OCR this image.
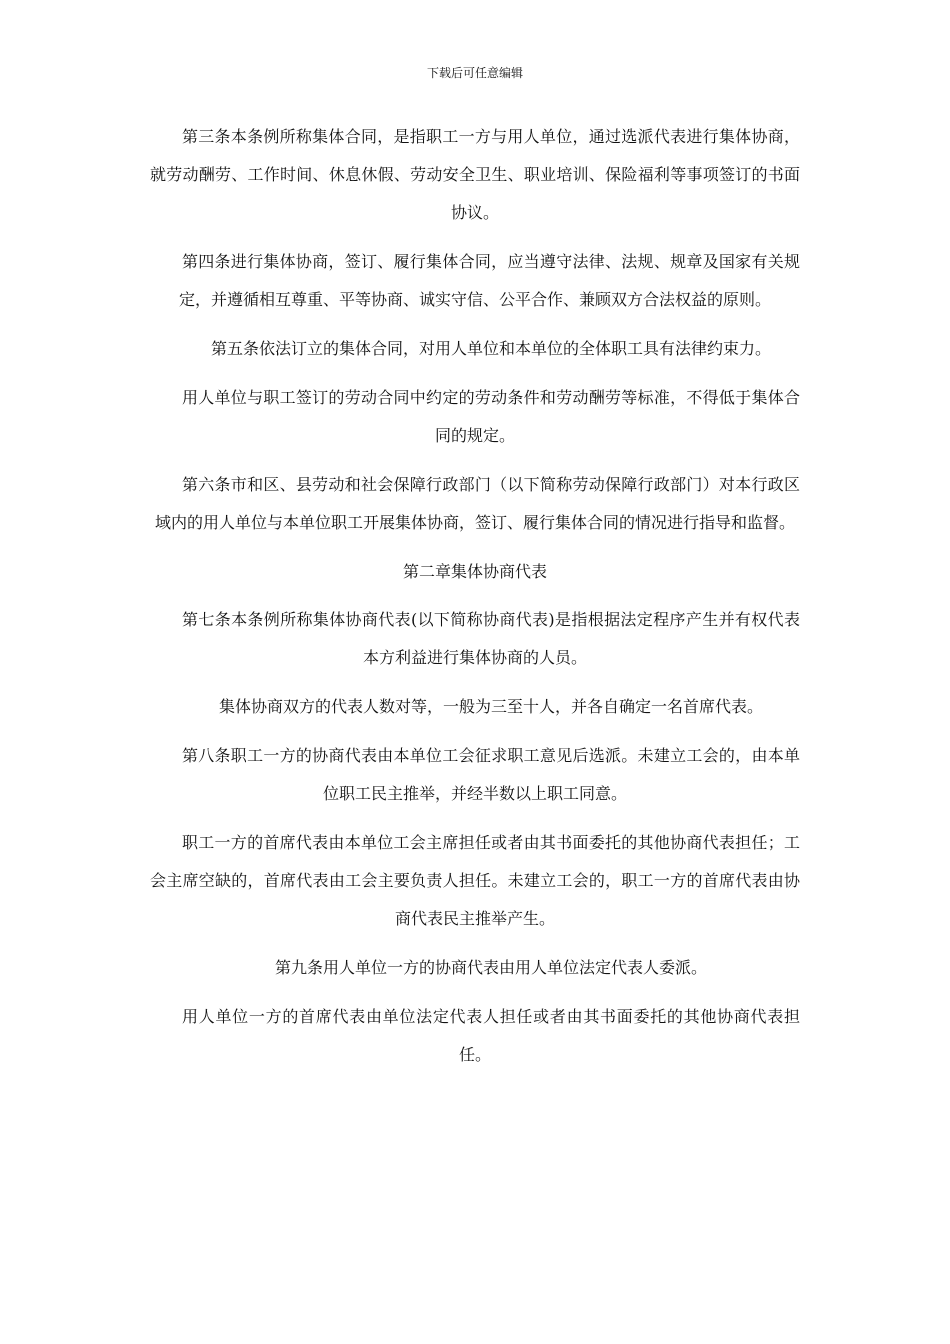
下载后可任意编辑

第三条本条例所称集体合同，是指职工一方与用人单位，通过选派代表进行集体协商，就劳动酬劳、工作时间、休息休假、劳动安全卫生、职业培训、保险福利等事项签订的书面协议。

第四条进行集体协商，签订、履行集体合同，应当遵守法律、法规、规章及国家有关规定，并遵循相互尊重、平等协商、诚实守信、公平合作、兼顾双方合法权益的原则。

第五条依法订立的集体合同，对用人单位和本单位的全体职工具有法律约束力。

用人单位与职工签订的劳动合同中约定的劳动条件和劳动酬劳等标准，不得低于集体合同的规定。

第六条市和区、县劳动和社会保障行政部门（以下简称劳动保障行政部门）对本行政区域内的用人单位与本单位职工开展集体协商，签订、履行集体合同的情况进行指导和监督。

第二章集体协商代表

第七条本条例所称集体协商代表(以下简称协商代表)是指根据法定程序产生并有权代表本方利益进行集体协商的人员。

集体协商双方的代表人数对等，一般为三至十人，并各自确定一名首席代表。

第八条职工一方的协商代表由本单位工会征求职工意见后选派。未建立工会的，由本单位职工民主推举，并经半数以上职工同意。

职工一方的首席代表由本单位工会主席担任或者由其书面委托的其他协商代表担任；工会主席空缺的，首席代表由工会主要负责人担任。未建立工会的，职工一方的首席代表由协商代表民主推举产生。

第九条用人单位一方的协商代表由用人单位法定代表人委派。

用人单位一方的首席代表由单位法定代表人担任或者由其书面委托的其他协商代表担任。
